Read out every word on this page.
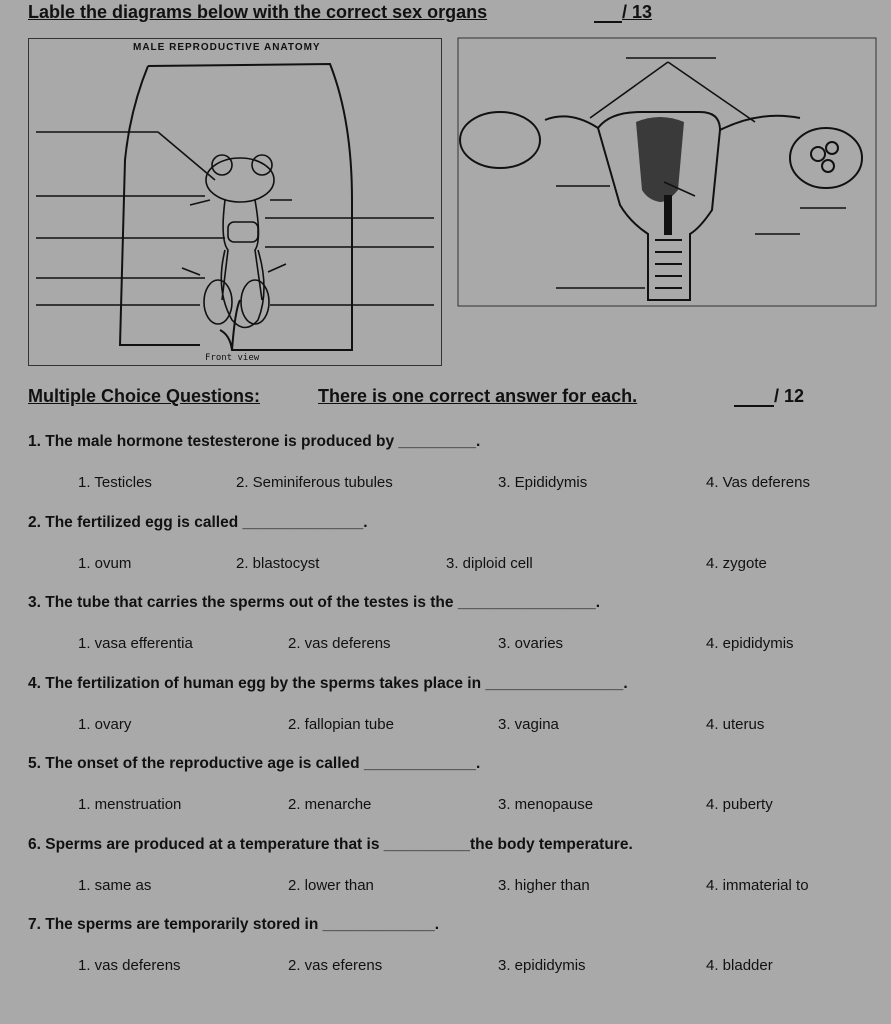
Lable the diagrams below with the correct sex organs	/ 13
MALE REPRODUCTIVE ANATOMY
Front view
Multiple Choice Questions:	There is one correct answer for each.	/ 12
1. The male hormone testesterone is produced by _________.
1. Testicles	2. Seminiferous tubules	3. Epididymis	4. Vas deferens
2. The fertilized egg is called ______________.
1. ovum	2. blastocyst	3. diploid cell	4. zygote
3. The tube that carries the sperms out of the testes is the ________________.
1. vasa efferentia	2. vas deferens	3. ovaries	4. epididymis
4. The fertilization of human egg by the sperms takes place in ________________.
1. ovary	2. fallopian tube	3. vagina	4. uterus
5. The onset of the reproductive age is called _____________.
1. menstruation	2. menarche	3. menopause	4. puberty
6. Sperms are produced at a temperature that is __________the body temperature.
1. same as	2. lower than	3. higher than	4. immaterial to
7. The sperms are temporarily stored in _____________.
1. vas deferens	2. vas eferens	3. epididymis	4. bladder
